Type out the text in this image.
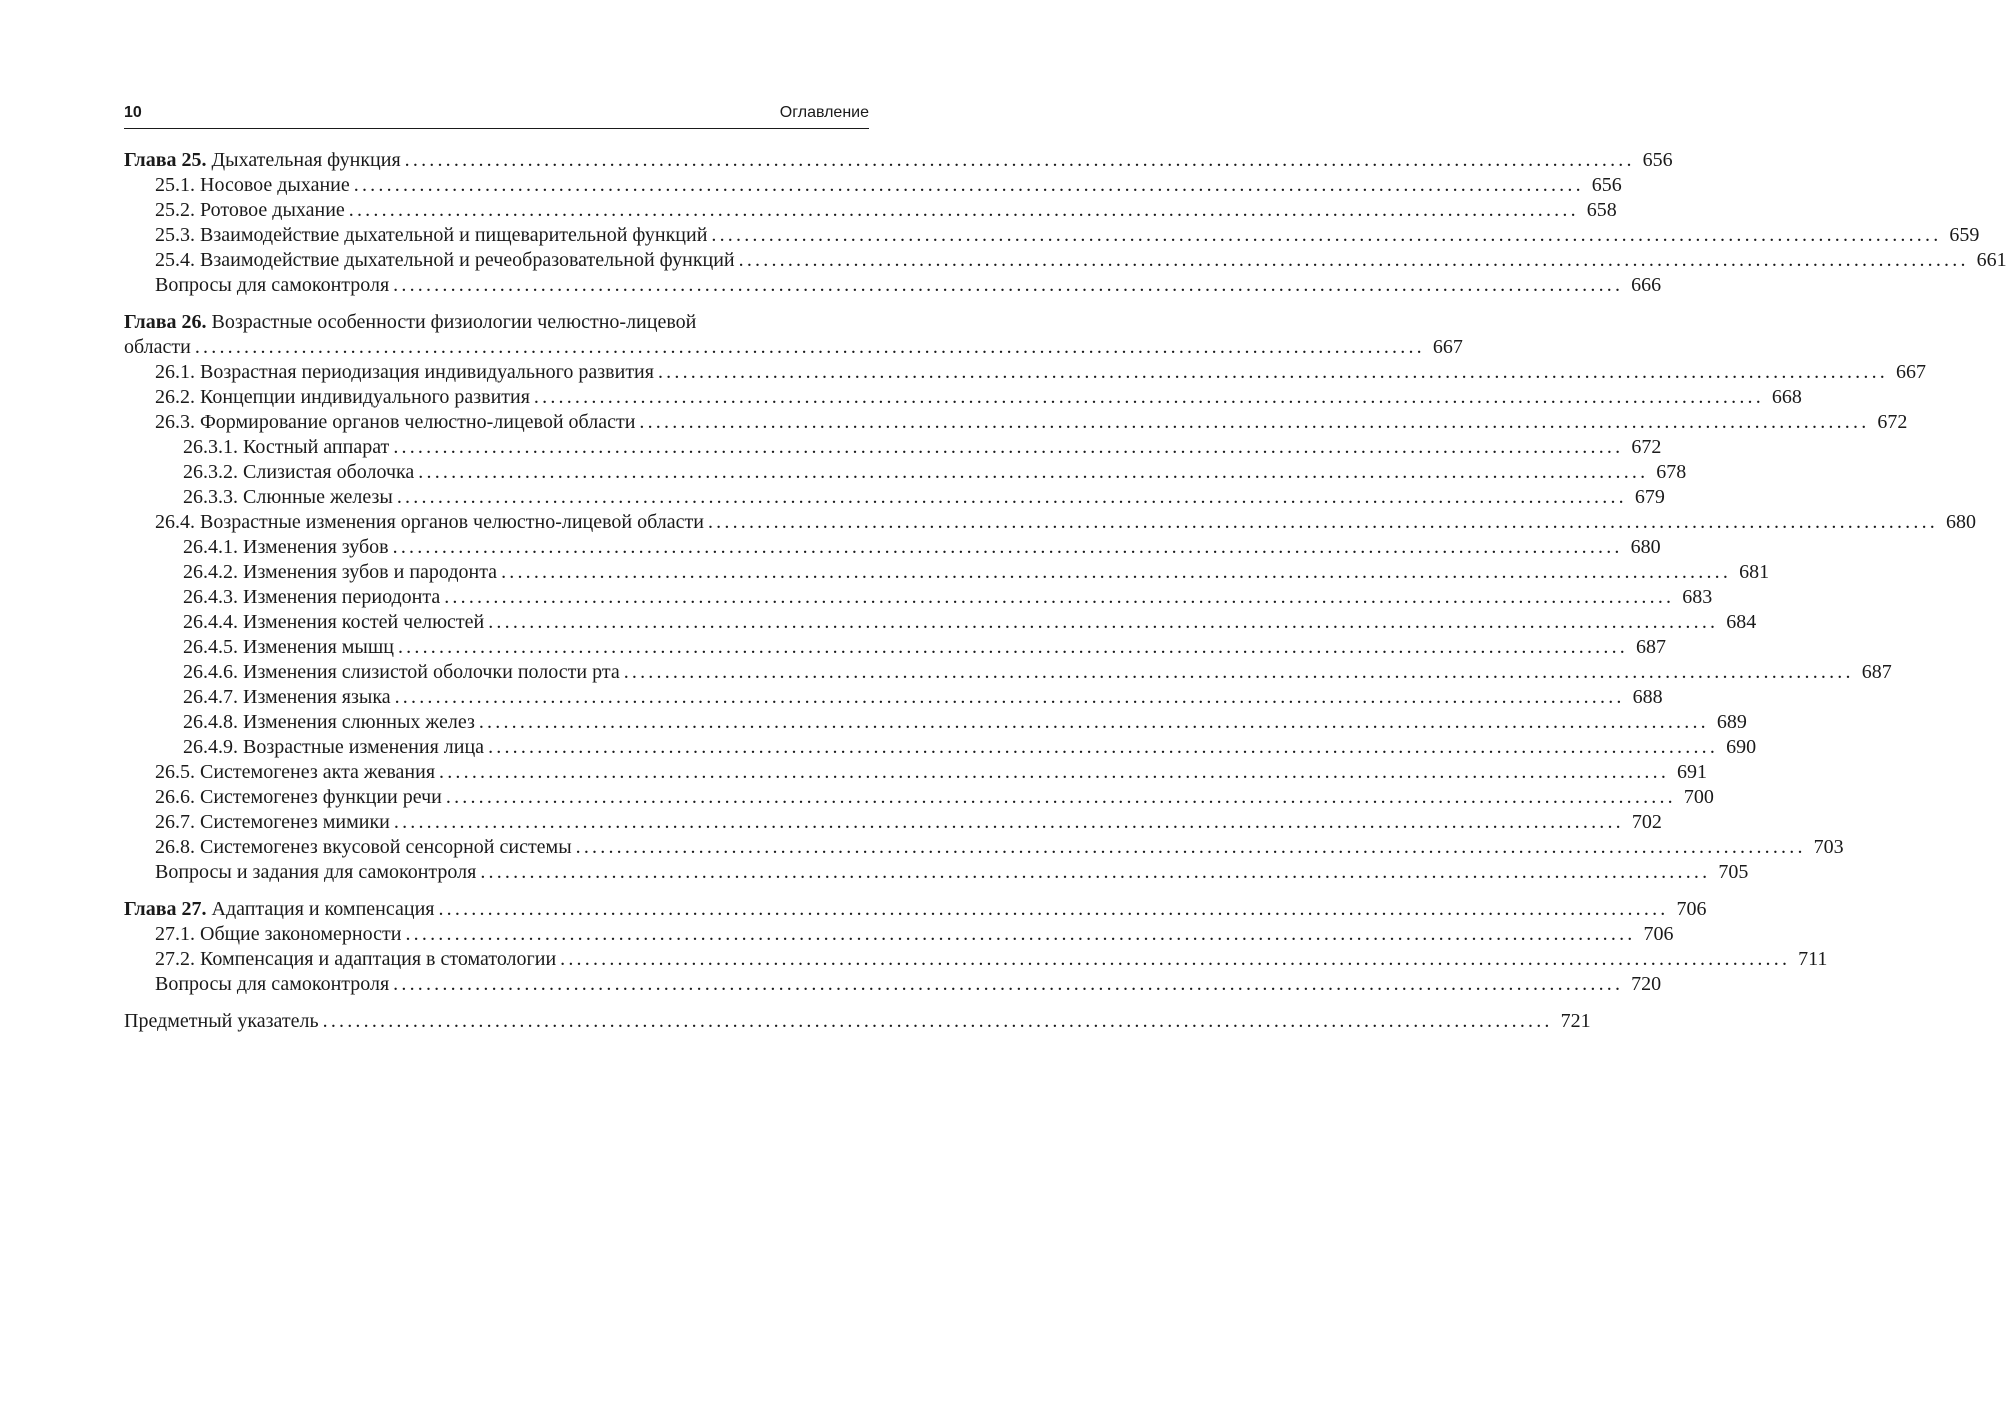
10	Оглавление
Глава 25. Дыхательная функция ...................................................................................................................................................... 656
25.1. Носовое дыхание ...................................................................................................................................................... 656
25.2. Ротовое дыхание ...................................................................................................................................................... 658
25.3. Взаимодействие дыхательной и пищеварительной функций ...................................................................................................................................................... 659
25.4. Взаимодействие дыхательной и речеобразовательной функций ...................................................................................................................................................... 661
Вопросы для самоконтроля ...................................................................................................................................................... 666
Глава 26. Возрастные особенности физиологии челюстно-лицевой
области ...................................................................................................................................................... 667
26.1. Возрастная периодизация индивидуального развития ...................................................................................................................................................... 667
26.2. Концепции индивидуального развития ...................................................................................................................................................... 668
26.3. Формирование органов челюстно-лицевой области ...................................................................................................................................................... 672
26.3.1. Костный аппарат ...................................................................................................................................................... 672
26.3.2. Слизистая оболочка ...................................................................................................................................................... 678
26.3.3. Слюнные железы ...................................................................................................................................................... 679
26.4. Возрастные изменения органов челюстно-лицевой области ...................................................................................................................................................... 680
26.4.1. Изменения зубов ...................................................................................................................................................... 680
26.4.2. Изменения зубов и пародонта ...................................................................................................................................................... 681
26.4.3. Изменения периодонта ...................................................................................................................................................... 683
26.4.4. Изменения костей челюстей ...................................................................................................................................................... 684
26.4.5. Изменения мышц ...................................................................................................................................................... 687
26.4.6. Изменения слизистой оболочки полости рта ...................................................................................................................................................... 687
26.4.7. Изменения языка ...................................................................................................................................................... 688
26.4.8. Изменения слюнных желез ...................................................................................................................................................... 689
26.4.9. Возрастные изменения лица ...................................................................................................................................................... 690
26.5. Системогенез акта жевания ...................................................................................................................................................... 691
26.6. Системогенез функции речи ...................................................................................................................................................... 700
26.7. Системогенез мимики ...................................................................................................................................................... 702
26.8. Системогенез вкусовой сенсорной системы ...................................................................................................................................................... 703
Вопросы и задания для самоконтроля ...................................................................................................................................................... 705
Глава 27. Адаптация и компенсация ...................................................................................................................................................... 706
27.1. Общие закономерности ...................................................................................................................................................... 706
27.2. Компенсация и адаптация в стоматологии ...................................................................................................................................................... 711
Вопросы для самоконтроля ...................................................................................................................................................... 720
Предметный указатель ...................................................................................................................................................... 721
